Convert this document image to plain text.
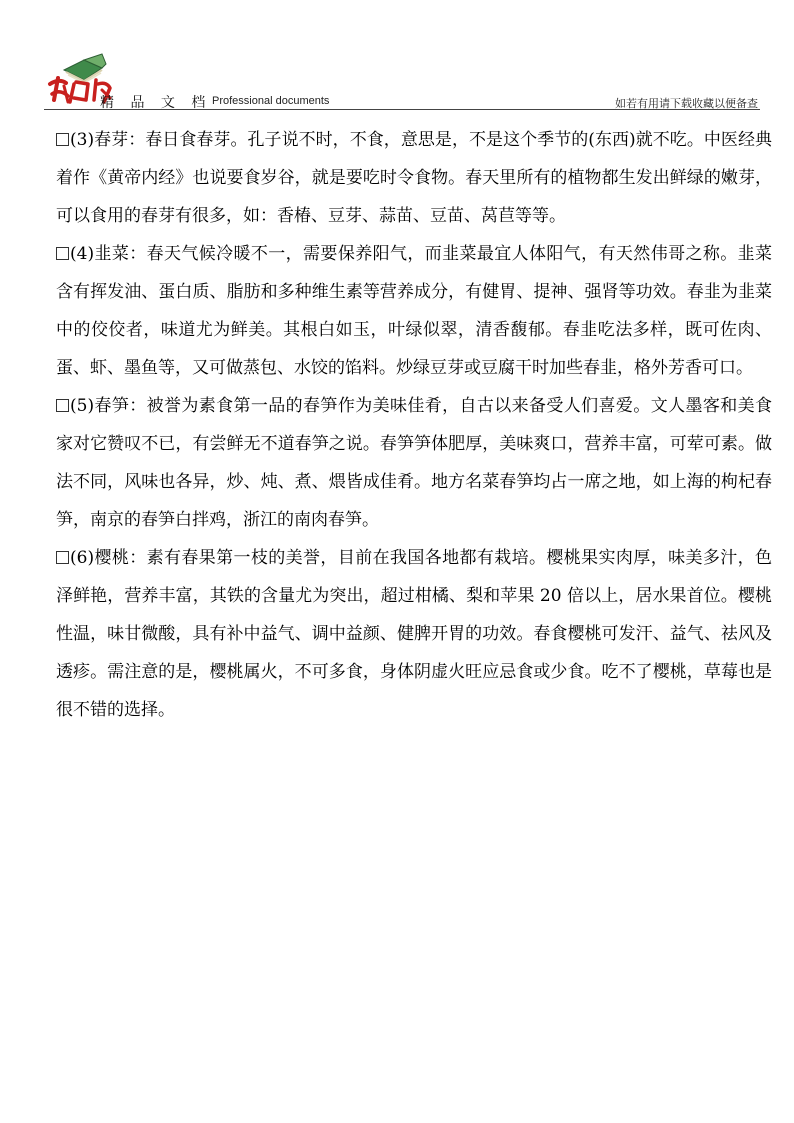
精 品 文 档 Professional documents	如若有用请下载收藏以便备查

(3)春芽：春日食春芽。孔子说不时，不食，意思是，不是这个季节的(东西)就不吃。中医经典着作《黄帝内经》也说要食岁谷，就是要吃时令食物。春天里所有的植物都生发出鲜绿的嫩芽，可以食用的春芽有很多，如：香椿、豆芽、蒜苗、豆苗、莴苣等等。

(4)韭菜：春天气候冷暖不一，需要保养阳气，而韭菜最宜人体阳气，有天然伟哥之称。韭菜含有挥发油、蛋白质、脂肪和多种维生素等营养成分，有健胃、提神、强肾等功效。春韭为韭菜中的佼佼者，味道尤为鲜美。其根白如玉，叶绿似翠，清香馥郁。春韭吃法多样，既可佐肉、蛋、虾、墨鱼等，又可做蒸包、水饺的馅料。炒绿豆芽或豆腐干时加些春韭，格外芳香可口。

(5)春笋：被誉为素食第一品的春笋作为美味佳肴，自古以来备受人们喜爱。文人墨客和美食家对它赞叹不已，有尝鲜无不道春笋之说。春笋笋体肥厚，美味爽口，营养丰富，可荤可素。做法不同，风味也各异，炒、炖、煮、煨皆成佳肴。地方名菜春笋均占一席之地，如上海的枸杞春笋，南京的春笋白拌鸡，浙江的南肉春笋。

(6)樱桃：素有春果第一枝的美誉，目前在我国各地都有栽培。樱桃果实肉厚，味美多汁，色泽鲜艳，营养丰富，其铁的含量尤为突出，超过柑橘、梨和苹果 20 倍以上，居水果首位。樱桃性温，味甘微酸，具有补中益气、调中益颜、健脾开胃的功效。春食樱桃可发汗、益气、祛风及透疹。需注意的是，樱桃属火，不可多食，身体阴虚火旺应忌食或少食。吃不了樱桃，草莓也是很不错的选择。
